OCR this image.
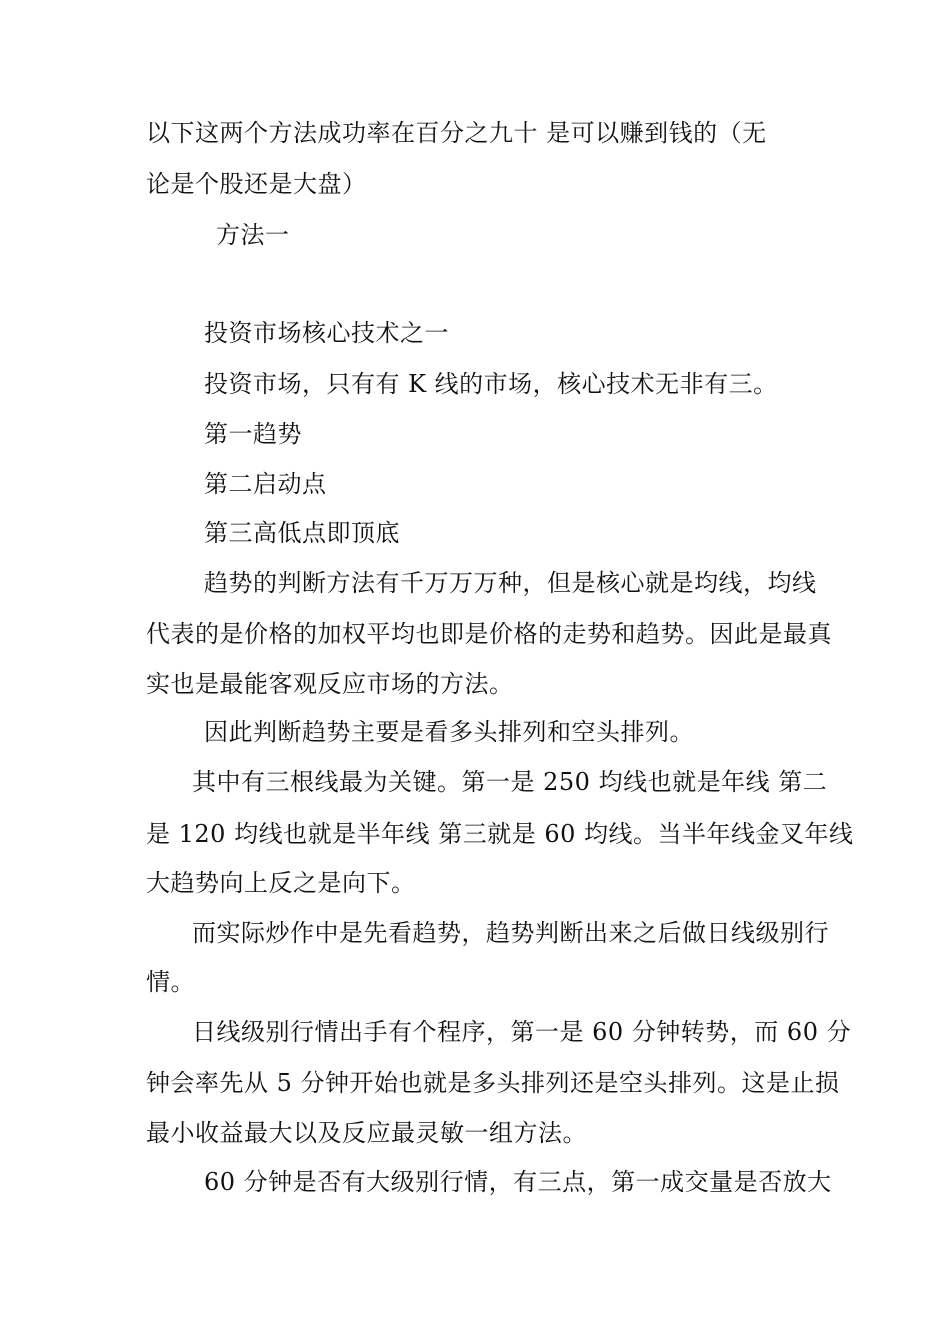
以下这两个方法成功率在百分之九十 是可以赚到钱的（无
论是个股还是大盘）
方法一
投资市场核心技术之一
投资市场，只有有 K 线的市场，核心技术无非有三。
第一趋势
第二启动点
第三高低点即顶底
趋势的判断方法有千万万万种，但是核心就是均线，均线
代表的是价格的加权平均也即是价格的走势和趋势。因此是最真
实也是最能客观反应市场的方法。
因此判断趋势主要是看多头排列和空头排列。
其中有三根线最为关键。第一是 250 均线也就是年线 第二
是 120 均线也就是半年线 第三就是 60 均线。当半年线金叉年线
大趋势向上反之是向下。
而实际炒作中是先看趋势，趋势判断出来之后做日线级别行
情。
日线级别行情出手有个程序，第一是 60 分钟转势，而 60 分
钟会率先从 5 分钟开始也就是多头排列还是空头排列。这是止损
最小收益最大以及反应最灵敏一组方法。
60 分钟是否有大级别行情，有三点，第一成交量是否放大
